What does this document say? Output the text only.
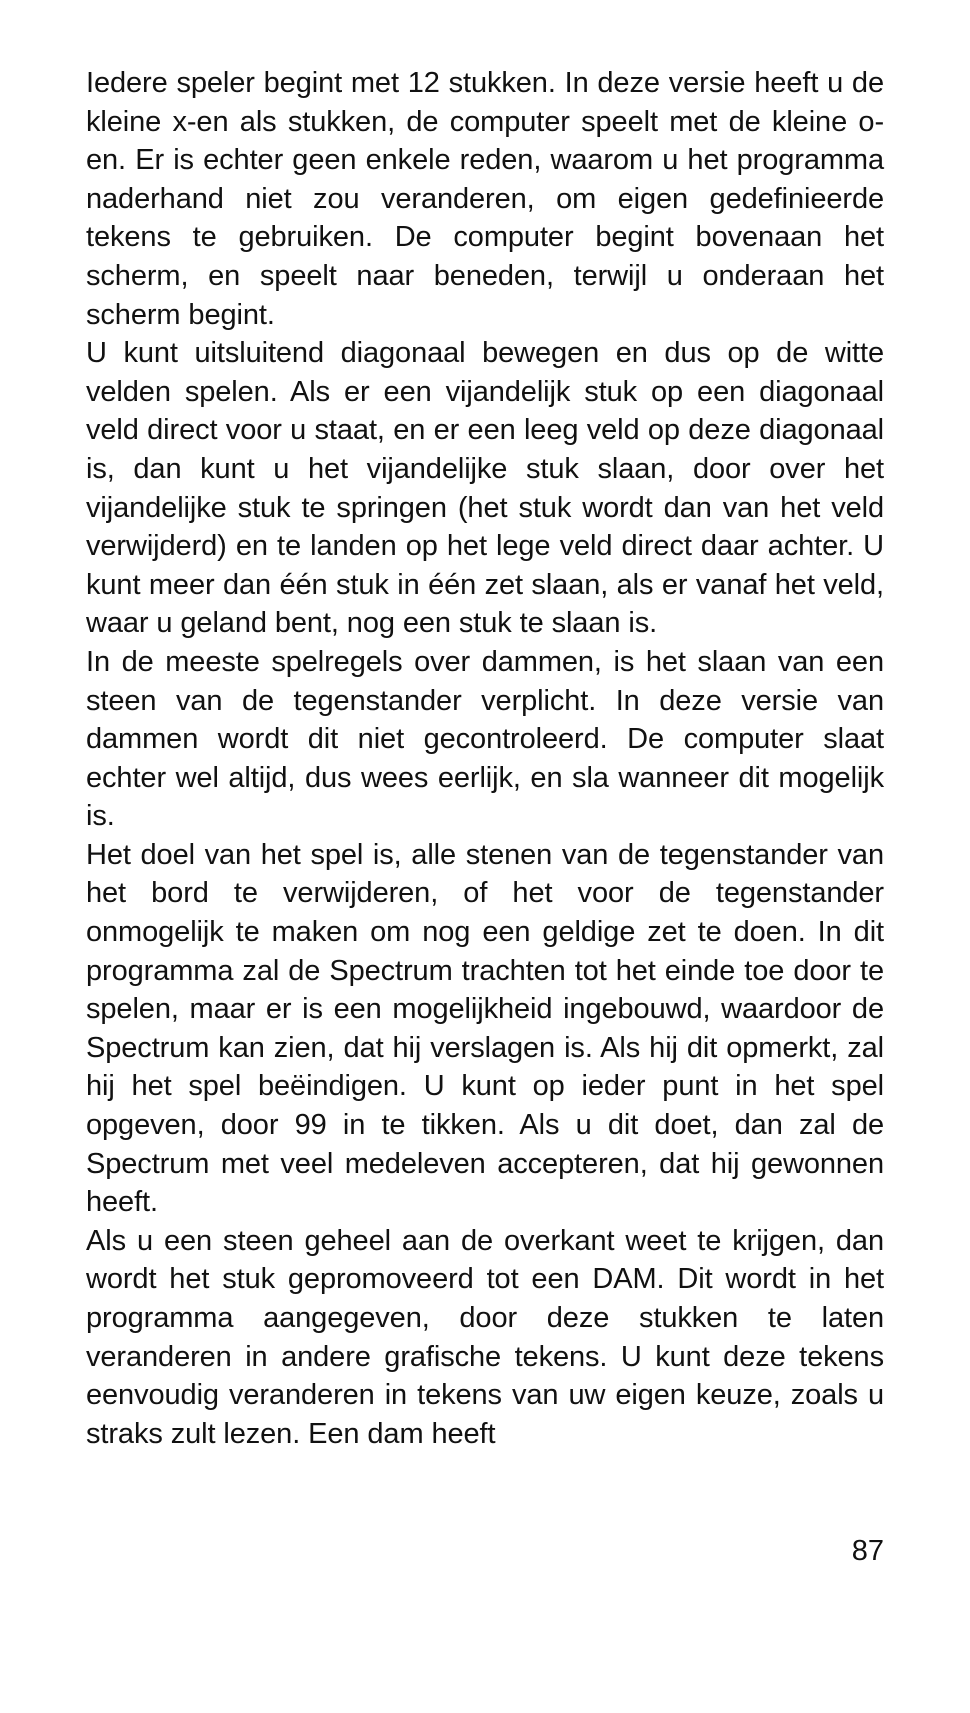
Iedere speler begint met 12 stukken. In deze versie heeft u de kleine x-en als stukken, de computer speelt met de kleine o-en. Er is echter geen enkele reden, waarom u het programma naderhand niet zou veranderen, om eigen gedefinieerde tekens te gebruiken. De computer begint bovenaan het scherm, en speelt naar beneden, terwijl u onderaan het scherm begint.

U kunt uitsluitend diagonaal bewegen en dus op de witte velden spelen. Als er een vijandelijk stuk op een diagonaal veld direct voor u staat, en er een leeg veld op deze diagonaal is, dan kunt u het vijandelijke stuk slaan, door over het vijandelijke stuk te springen (het stuk wordt dan van het veld verwijderd) en te landen op het lege veld direct daar achter. U kunt meer dan één stuk in één zet slaan, als er vanaf het veld, waar u geland bent, nog een stuk te slaan is.

In de meeste spelregels over dammen, is het slaan van een steen van de tegenstander verplicht. In deze versie van dammen wordt dit niet gecontroleerd. De computer slaat echter wel altijd, dus wees eerlijk, en sla wanneer dit mogelijk is.

Het doel van het spel is, alle stenen van de tegenstander van het bord te verwijderen, of het voor de tegenstander onmogelijk te maken om nog een geldige zet te doen. In dit programma zal de Spectrum trachten tot het einde toe door te spelen, maar er is een mogelijkheid ingebouwd, waardoor de Spectrum kan zien, dat hij verslagen is. Als hij dit opmerkt, zal hij het spel beëindigen. U kunt op ieder punt in het spel opgeven, door 99 in te tikken. Als u dit doet, dan zal de Spectrum met veel medeleven accepteren, dat hij gewonnen heeft.

Als u een steen geheel aan de overkant weet te krijgen, dan wordt het stuk gepromoveerd tot een DAM. Dit wordt in het programma aangegeven, door deze stukken te laten veranderen in andere grafische tekens. U kunt deze tekens eenvoudig veranderen in tekens van uw eigen keuze, zoals u straks zult lezen. Een dam heeft

87
